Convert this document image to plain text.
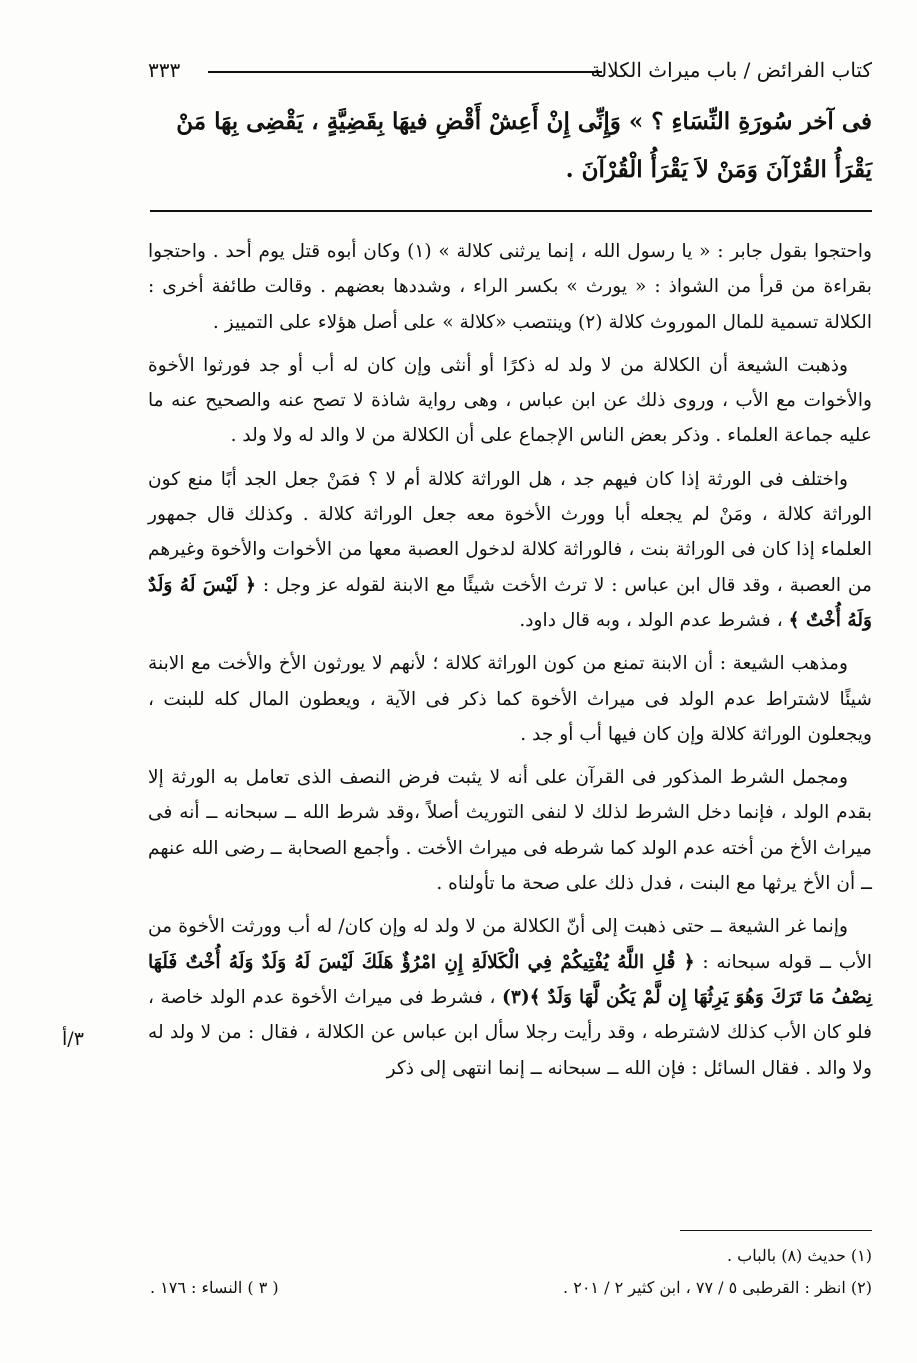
كتاب الفرائض / باب ميراث الكلالة
٣٣٣
فى آخر سُورَةِ النِّسَاءِ ؟ » وَإِنِّى إِنْ أَعِشْ أَقْضِ فيهَا بِقَضِيَّةٍ ، يَقْضِى بِهَا مَنْ يَقْرَأُ القُرْآنَ وَمَنْ لاَ يَقْرَأُ الْقُرْآنَ .

واحتجوا بقول جابر : « يا رسول الله ، إنما يرثنى كلالة » (١) وكان أبوه قتل يوم أحد . واحتجوا بقراءة من قرأ من الشواذ : « يورث » بكسر الراء ، وشددها بعضهم . وقالت طائفة أخرى : الكلالة تسمية للمال الموروث كلالة (٢) وينتصب «كلالة » على أصل هؤلاء على التمييز .

وذهبت الشيعة أن الكلالة من لا ولد له ذكرًا أو أنثى وإن كان له أب أو جد فورثوا الأخوة والأخوات مع الأب ، وروى ذلك عن ابن عباس ، وهى رواية شاذة لا تصح عنه والصحيح عنه ما عليه جماعة العلماء . وذكر بعض الناس الإجماع على أن الكلالة من لا والد له ولا ولد .

واختلف فى الورثة إذا كان فيهم جد ، هل الوراثة كلالة أم لا ؟ فمَنْ جعل الجد أبًا منع كون الوراثة كلالة ، ومَنْ لم يجعله أبا وورث الأخوة معه جعل الوراثة كلالة . وكذلك قال جمهور العلماء إذا كان فى الوراثة بنت ، فالوراثة كلالة لدخول العصبة معها من الأخوات والأخوة وغيرهم من العصبة ، وقد قال ابن عباس : لا ترث الأخت شيئًا مع الابنة لقوله عز وجل : ﴿ لَيْسَ لَهُ وَلَدٌ وَلَهُ أُخْتٌ ﴾ ، فشرط عدم الولد ، وبه قال داود.

ومذهب الشيعة : أن الابنة تمنع من كون الوراثة كلالة ؛ لأنهم لا يورثون الأخ والأخت مع الابنة شيئًا لاشتراط عدم الولد فى ميراث الأخوة كما ذكر فى الآية ، ويعطون المال كله للبنت ، ويجعلون الوراثة كلالة وإن كان فيها أب أو جد .

ومجمل الشرط المذكور فى القرآن على أنه لا يثبت فرض النصف الذى تعامل به الورثة إلا بقدم الولد ، فإنما دخل الشرط لذلك لا لنفى التوريث أصلاً ،وقد شرط الله ــ سبحانه ــ أنه فى ميراث الأخ من أخته عدم الولد كما شرطه فى ميراث الأخت . وأجمع الصحابة ــ رضى الله عنهم ــ أن الأخ يرثها مع البنت ، فدل ذلك على صحة ما تأولناه .

وإنما غر الشيعة ــ حتى ذهبت إلى أنّ الكلالة من لا ولد له وإن كان/ له أب وورثت الأخوة من الأب ــ قوله سبحانه : ﴿ قُلِ اللَّهُ يُفْتِيكُمْ فِي الْكَلالَةِ إِنِ امْرُؤٌ هَلَكَ لَيْسَ لَهُ وَلَدٌ وَلَهُ أُخْتٌ فَلَهَا نِصْفُ مَا تَرَكَ وَهُوَ يَرِثُهَا إِن لَّمْ يَكُن لَّهَا وَلَدٌ ﴾(٣) ، فشرط فى ميراث الأخوة عدم الولد خاصة ، فلو كان الأب كذلك لاشترطه ، وقد رأيت رجلا سأل ابن عباس عن الكلالة ، فقال : من لا ولد له ولا والد . فقال السائل : فإن الله ــ سبحانه ــ إنما انتهى إلى ذكر

٣/أ
(١) حديث (٨) بالباب .
(٢) انظر : القرطبى ٥ / ٧٧ ، ابن كثير ٢ / ٢٠١ .
( ٣ ) النساء : ١٧٦ .
